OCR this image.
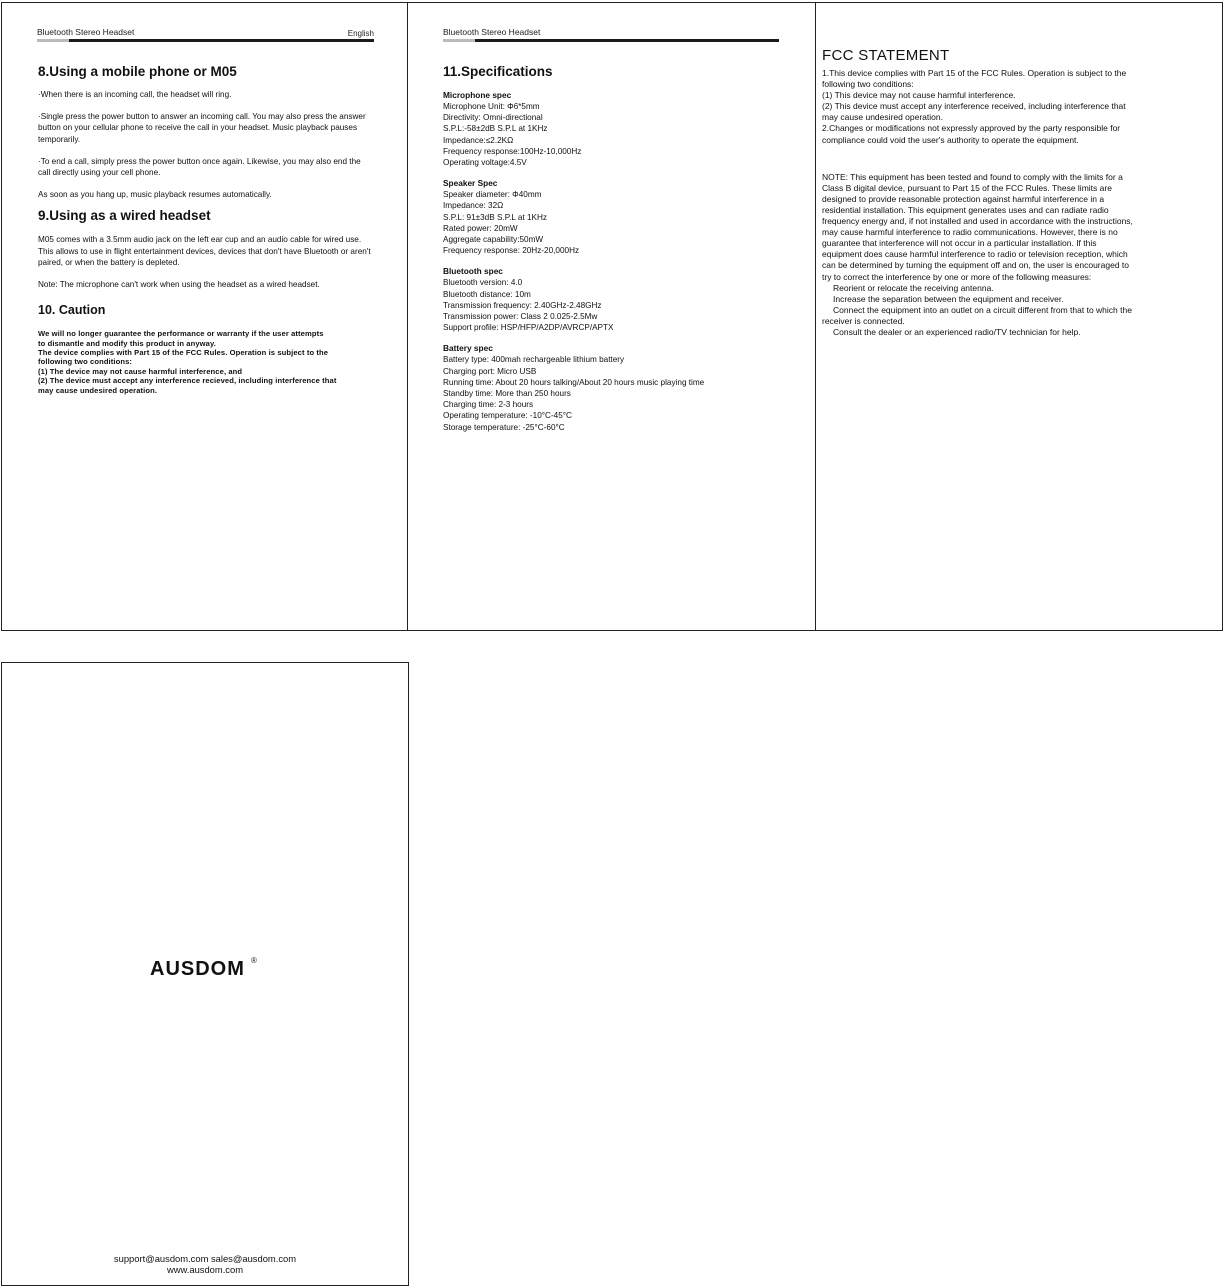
Bluetooth Stereo Headset	English
8.Using a mobile phone or M05

·When there is an incoming call, the headset will ring.

·Single press the power button to answer an incoming call. You may also press the answer button on your cellular phone to receive the call in your headset. Music playback pauses temporarily.

·To end a call, simply press the power button once again. Likewise, you may also end the call directly using your cell phone.

As soon as you hang up, music playback resumes automatically.

9.Using as a wired headset

M05 comes with a 3.5mm audio jack on the left ear cup and an audio cable for wired use. This allows to use in flight entertainment devices, devices that don't have Bluetooth or aren't paired, or when the battery is depleted.

Note: The microphone can't work when using the headset as a wired headset.

10. Caution

We will no longer guarantee the performance or warranty if the user attempts

to dismantle and modify this product in anyway.

The device complies with Part 15 of the FCC Rules. Operation is subject to the

following two conditions:

(1) The device may not cause harmful interference, and

(2) The device must accept any interference recieved, including interference that

may cause undesired operation.

Bluetooth Stereo Headset
11.Specifications
Microphone spec
Microphone Unit: Φ6*5mm
Directivity: Omni-directional
S.P.L:-58±2dB S.P.L at 1KHz
Impedance:≤2.2KΩ
Frequency response:100Hz-10,000Hz
Operating voltage:4.5V
Speaker Spec
Speaker diameter: Φ40mm
Impedance: 32Ω
S.P.L: 91±3dB S.P.L at 1KHz
Rated power: 20mW
Aggregate capability:50mW
Frequency response: 20Hz-20,000Hz
Bluetooth spec
Bluetooth version: 4.0
Bluetooth distance: 10m
Transmission frequency: 2.40GHz-2.48GHz
Transmission power: Class 2 0.025-2.5Mw
Support profile: HSP/HFP/A2DP/AVRCP/APTX
Battery spec
Battery type: 400mah rechargeable lithium battery
Charging port: Micro USB
Running time: About 20 hours talking/About 20 hours music playing time
Standby time: More than 250 hours
Charging time: 2-3 hours
Operating temperature: -10°C-45°C
Storage temperature: -25°C-60°C
FCC STATEMENT
1.This device complies with Part 15 of the FCC Rules. Operation is subject to the
following two conditions:
(1) This device may not cause harmful interference.
(2) This device must accept any interference received, including interference that
may cause undesired operation.
2.Changes or modifications not expressly approved by the party responsible for
compliance could void the user's authority to operate the equipment.
NOTE: This equipment has been tested and found to comply with the limits for a
Class B digital device, pursuant to Part 15 of the FCC Rules. These limits are
designed to provide reasonable protection against harmful interference in a
residential installation. This equipment generates uses and can radiate radio
frequency energy and, if not installed and used in accordance with the instructions,
may cause harmful interference to radio communications. However, there is no
guarantee that interference will not occur in a particular installation. If this
equipment does cause harmful interference to radio or television reception, which
can be determined by turning the equipment off and on, the user is encouraged to
try to correct the interference by one or more of the following measures:
Reorient or relocate the receiving antenna.
Increase the separation between the equipment and receiver.
Connect the equipment into an outlet on a circuit different from that to which the
receiver is connected.
Consult the dealer or an experienced radio/TV technician for help.
AUSDOM ®
support@ausdom.com sales@ausdom.com
www.ausdom.com
